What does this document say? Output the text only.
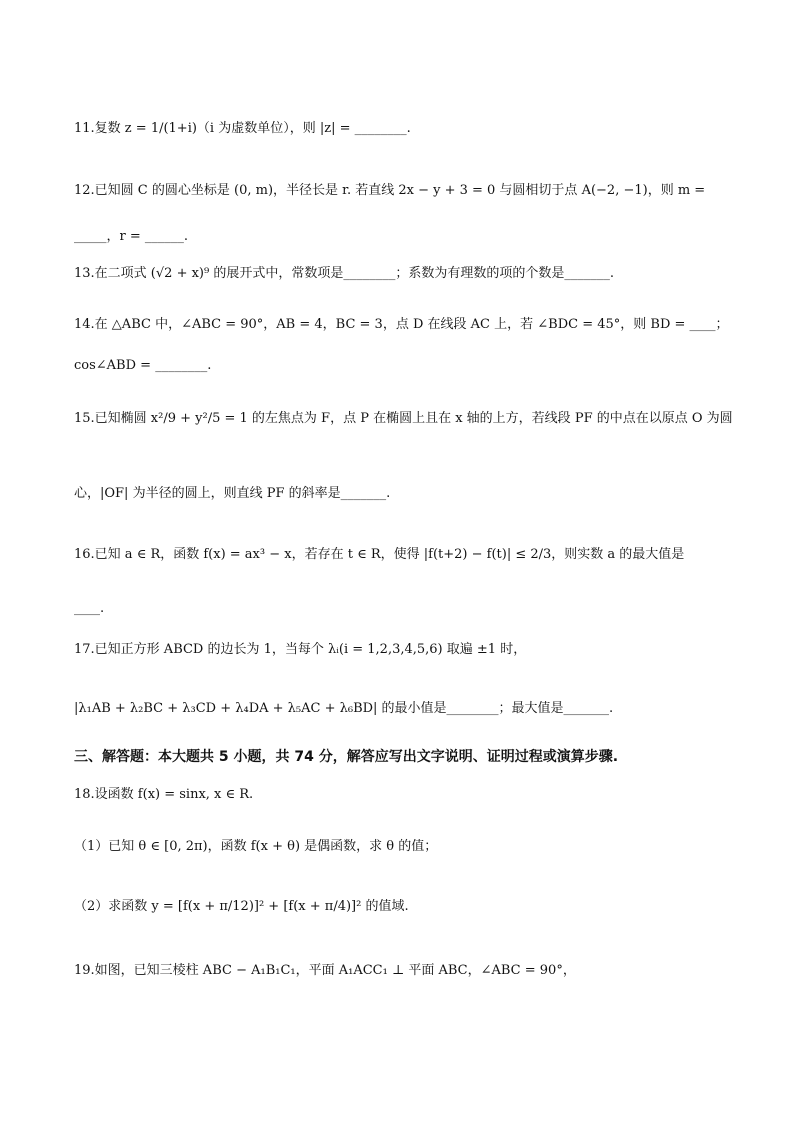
11.复数 z = 1/(1+i)（i 为虚数单位），则 |z| = ________.
12.已知圆 C 的圆心坐标是 (0, m)，半径长是 r. 若直线 2x − y + 3 = 0 与圆相切于点 A(−2, −1)，则 m =
_____，r = ______.
13.在二项式 (√2 + x)⁹ 的展开式中，常数项是________；系数为有理数的项的个数是_______.
14.在 △ABC 中，∠ABC = 90°，AB = 4，BC = 3，点 D 在线段 AC 上，若 ∠BDC = 45°，则 BD = ____；
cos∠ABD = ________.
15.已知椭圆 x²/9 + y²/5 = 1 的左焦点为 F，点 P 在椭圆上且在 x 轴的上方，若线段 PF 的中点在以原点 O 为圆
心，|OF| 为半径的圆上，则直线 PF 的斜率是_______.
16.已知 a ∈ R，函数 f(x) = ax³ − x，若存在 t ∈ R，使得 |f(t+2) − f(t)| ≤ 2/3，则实数 a 的最大值是
____.
17.已知正方形 ABCD 的边长为 1，当每个 λᵢ(i = 1,2,3,4,5,6) 取遍 ±1 时，
|λ₁AB + λ₂BC + λ₃CD + λ₄DA + λ₅AC + λ₆BD| 的最小值是________；最大值是_______.
三、解答题：本大题共 5 小题，共 74 分，解答应写出文字说明、证明过程或演算步骤.
18.设函数 f(x) = sinx, x ∈ R.
（1）已知 θ ∈ [0, 2π)，函数 f(x + θ) 是偶函数，求 θ 的值；
（2）求函数 y = [f(x + π/12)]² + [f(x + π/4)]² 的值域.
19.如图，已知三棱柱 ABC − A₁B₁C₁，平面 A₁ACC₁ ⊥ 平面 ABC，∠ABC = 90°，
